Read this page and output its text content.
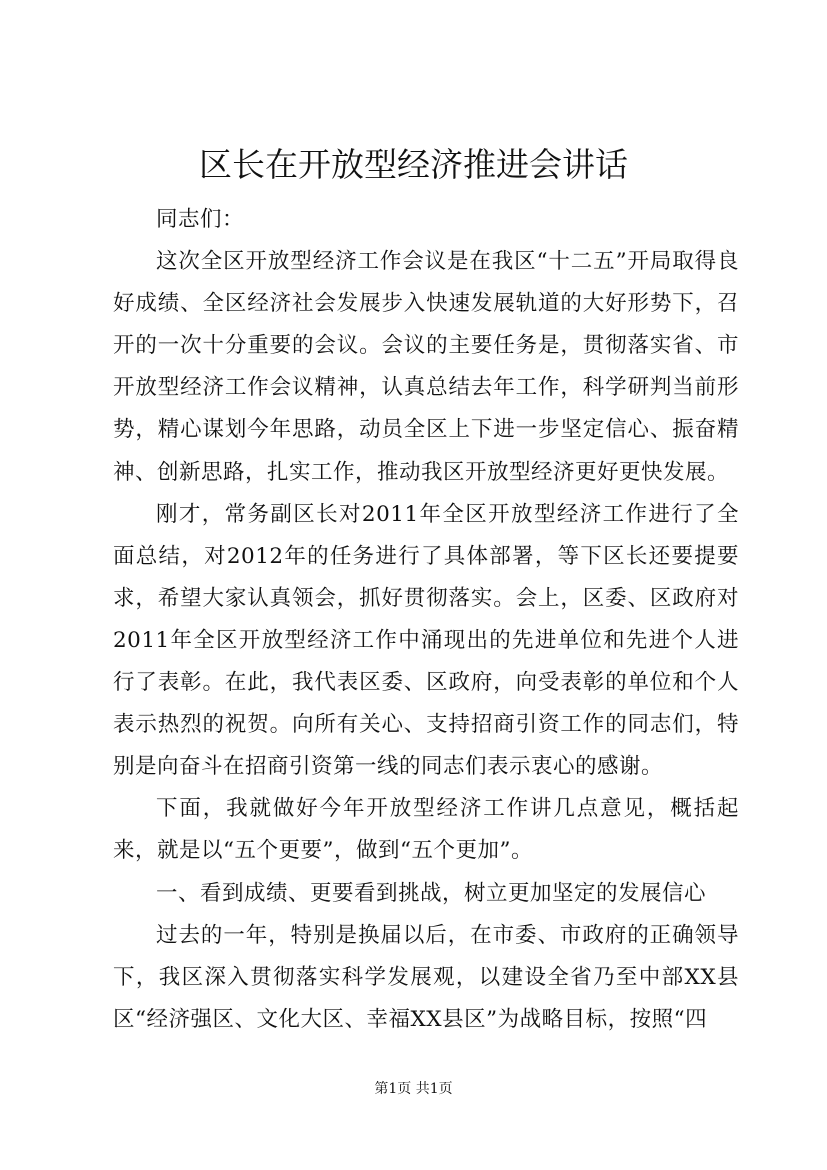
区长在开放型经济推进会讲话

同志们：

这次全区开放型经济工作会议是在我区“十二五”开局取得良好成绩、全区经济社会发展步入快速发展轨道的大好形势下，召开的一次十分重要的会议。会议的主要任务是，贯彻落实省、市开放型经济工作会议精神，认真总结去年工作，科学研判当前形势，精心谋划今年思路，动员全区上下进一步坚定信心、振奋精神、创新思路，扎实工作，推动我区开放型经济更好更快发展。

刚才，常务副区长对2011年全区开放型经济工作进行了全面总结，对2012年的任务进行了具体部署，等下区长还要提要求，希望大家认真领会，抓好贯彻落实。会上，区委、区政府对2011年全区开放型经济工作中涌现出的先进单位和先进个人进行了表彰。在此，我代表区委、区政府，向受表彰的单位和个人表示热烈的祝贺。向所有关心、支持招商引资工作的同志们，特别是向奋斗在招商引资第一线的同志们表示衷心的感谢。

下面，我就做好今年开放型经济工作讲几点意见，概括起来，就是以“五个更要”，做到“五个更加”。

一、看到成绩、更要看到挑战，树立更加坚定的发展信心

过去的一年，特别是换届以后，在市委、市政府的正确领导下，我区深入贯彻落实科学发展观，以建设全省乃至中部XX县区“经济强区、文化大区、幸福XX县区”为战略目标，按照“四

第1页 共1页
